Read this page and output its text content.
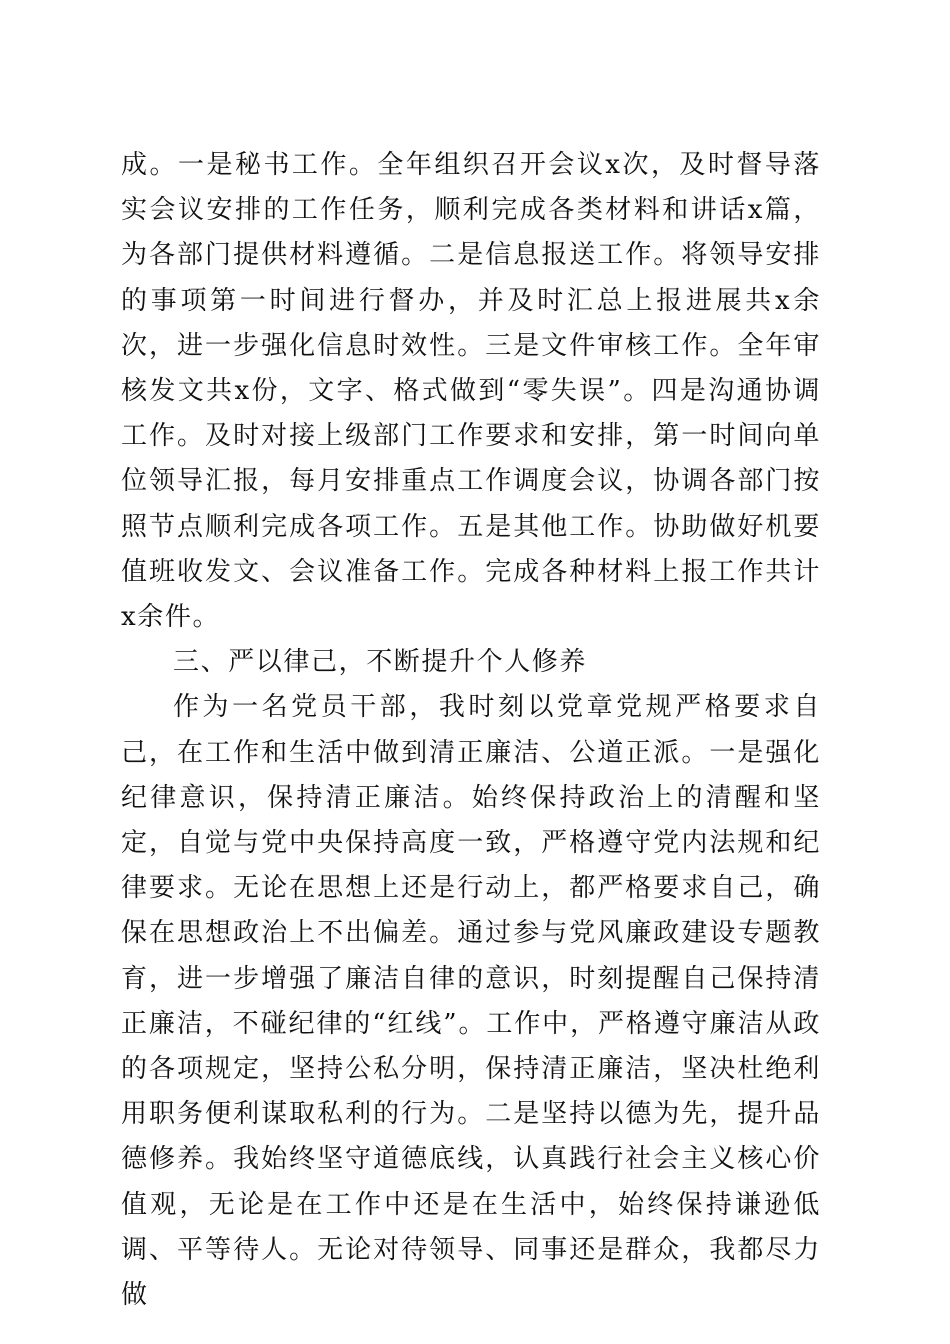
成。一是秘书工作。全年组织召开会议x次，及时督导落实会议安排的工作任务，顺利完成各类材料和讲话x篇，为各部门提供材料遵循。二是信息报送工作。将领导安排的事项第一时间进行督办，并及时汇总上报进展共x余次，进一步强化信息时效性。三是文件审核工作。全年审核发文共x份，文字、格式做到“零失误”。四是沟通协调工作。及时对接上级部门工作要求和安排，第一时间向单位领导汇报，每月安排重点工作调度会议，协调各部门按照节点顺利完成各项工作。五是其他工作。协助做好机要值班收发文、会议准备工作。完成各种材料上报工作共计x余件。

三、严以律己，不断提升个人修养

作为一名党员干部，我时刻以党章党规严格要求自己，在工作和生活中做到清正廉洁、公道正派。一是强化纪律意识，保持清正廉洁。始终保持政治上的清醒和坚定，自觉与党中央保持高度一致，严格遵守党内法规和纪律要求。无论在思想上还是行动上，都严格要求自己，确保在思想政治上不出偏差。通过参与党风廉政建设专题教育，进一步增强了廉洁自律的意识，时刻提醒自己保持清正廉洁，不碰纪律的“红线”。工作中，严格遵守廉洁从政的各项规定，坚持公私分明，保持清正廉洁，坚决杜绝利用职务便利谋取私利的行为。二是坚持以德为先，提升品德修养。我始终坚守道德底线，认真践行社会主义核心价值观，无论是在工作中还是在生活中，始终保持谦逊低调、平等待人。无论对待领导、同事还是群众，我都尽力做
